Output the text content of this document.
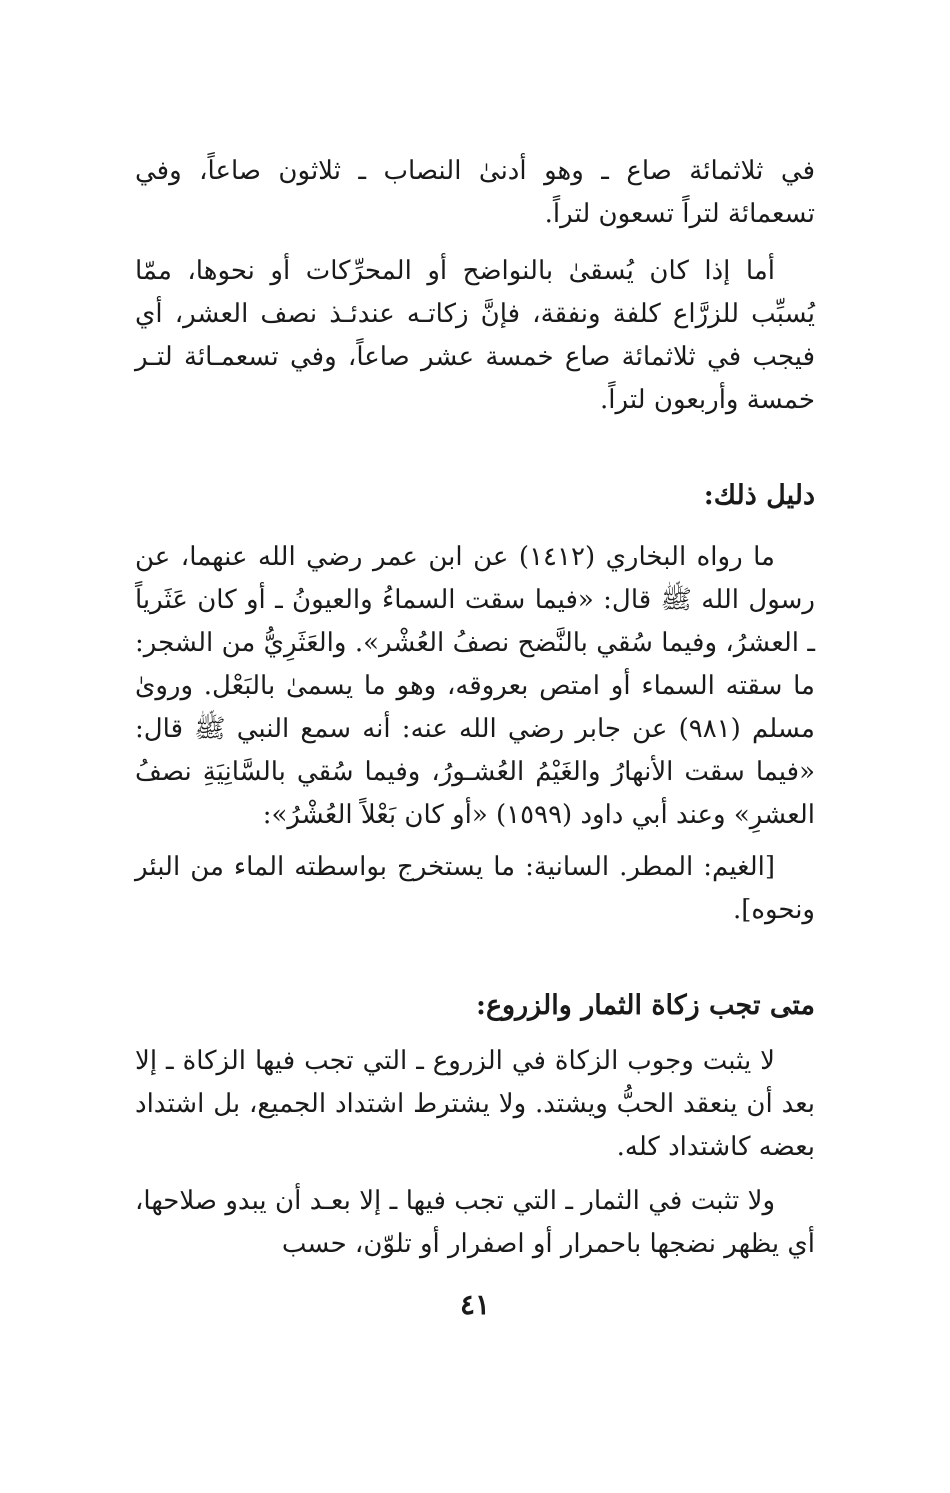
في ثلاثمائة صاع ـ وهو أدنىٰ النصاب ـ ثلاثون صاعاً، وفي تسعمائة لتراً تسعون لتراً.

أما إذا كان يُسقىٰ بالنواضح أو المحرِّكات أو نحوها، ممّا يُسبِّب للزرَّاع كلفة ونفقة، فإنَّ زكاتـه عندئـذ نصف العشر، أي فيجب في ثلاثمائة صاع خمسة عشر صاعاً، وفي تسعمـائة لتـر خمسة وأربعون لتراً.

دليل ذلك:

ما رواه البخاري (١٤١٢) عن ابن عمر رضي الله عنهما، عن رسول الله ﷺ قال: «فيما سقت السماءُ والعيونُ ـ أو كان عَثَرياً ـ العشرُ، وفيما سُقي بالنَّضح نصفُ العُشْر». والعَثَرِيُّ من الشجر: ما سقته السماء أو امتص بعروقه، وهو ما يسمىٰ بالبَعْل. وروىٰ مسلم (٩٨١) عن جابر رضي الله عنه: أنه سمع النبي ﷺ قال: «فيما سقت الأنهارُ والغَيْمُ العُشـورُ، وفيما سُقي بالسَّانِيَةِ نصفُ العشرِ» وعند أبي داود (١٥٩٩) «أو كان بَعْلاً العُشْرُ»:

[الغيم: المطر. السانية: ما يستخرج بواسطته الماء من البئر ونحوه].

متى تجب زكاة الثمار والزروع:

لا يثبت وجوب الزكاة في الزروع ـ التي تجب فيها الزكاة ـ إلا بعد أن ينعقد الحبُّ ويشتد. ولا يشترط اشتداد الجميع، بل اشتداد بعضه كاشتداد كله.

ولا تثبت في الثمار ـ التي تجب فيها ـ إلا بعـد أن يبدو صلاحها، أي يظهر نضجها باحمرار أو اصفرار أو تلوّن، حسب

٤١
